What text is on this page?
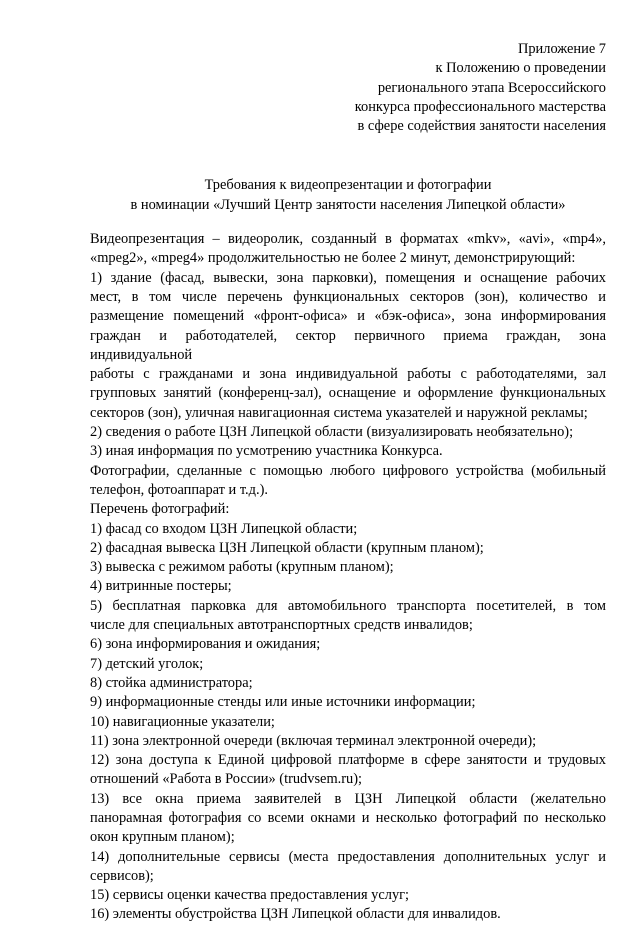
Приложение 7
к Положению о проведении
регионального этапа Всероссийского
конкурса профессионального мастерства
в сфере содействия занятости населения
Требования к видеопрезентации и фотографии
в номинации «Лучший Центр занятости населения Липецкой области»
Видеопрезентация – видеоролик, созданный в форматах «mkv», «avi», «mp4»,
«mpeg2», «mpeg4» продолжительностью не более 2 минут, демонстрирующий:
1) здание (фасад, вывески, зона парковки), помещения и оснащение рабочих
мест, в том числе перечень функциональных секторов (зон), количество и
размещение помещений «фронт-офиса» и «бэк-офиса», зона информирования
граждан и работодателей, сектор первичного приема граждан, зона индивидуальной
работы с гражданами и зона индивидуальной работы с работодателями, зал
групповых занятий (конференц-зал), оснащение и оформление функциональных
секторов (зон), уличная навигационная система указателей и наружной рекламы;
2) сведения о работе ЦЗН Липецкой области (визуализировать необязательно);
3) иная информация по усмотрению участника Конкурса.
Фотографии, сделанные с помощью любого цифрового устройства (мобильный
телефон, фотоаппарат и т.д.).
Перечень фотографий:
1) фасад со входом ЦЗН Липецкой области;
2) фасадная вывеска ЦЗН Липецкой области (крупным планом);
3) вывеска с режимом работы (крупным планом);
4) витринные постеры;
5) бесплатная парковка для автомобильного транспорта посетителей, в том
числе для специальных автотранспортных средств инвалидов;
6) зона информирования и ожидания;
7) детский уголок;
8) стойка администратора;
9) информационные стенды или иные источники информации;
10) навигационные указатели;
11) зона электронной очереди (включая терминал электронной очереди);
12) зона доступа к Единой цифровой платформе в сфере занятости и трудовых
отношений «Работа в России» (trudvsem.ru);
13) все окна приема заявителей в ЦЗН Липецкой области (желательно
панорамная фотография со всеми окнами и несколько фотографий по несколько
окон крупным планом);
14) дополнительные сервисы (места предоставления дополнительных услуг и
сервисов);
15) сервисы оценки качества предоставления услуг;
16) элементы обустройства ЦЗН Липецкой области для инвалидов.
